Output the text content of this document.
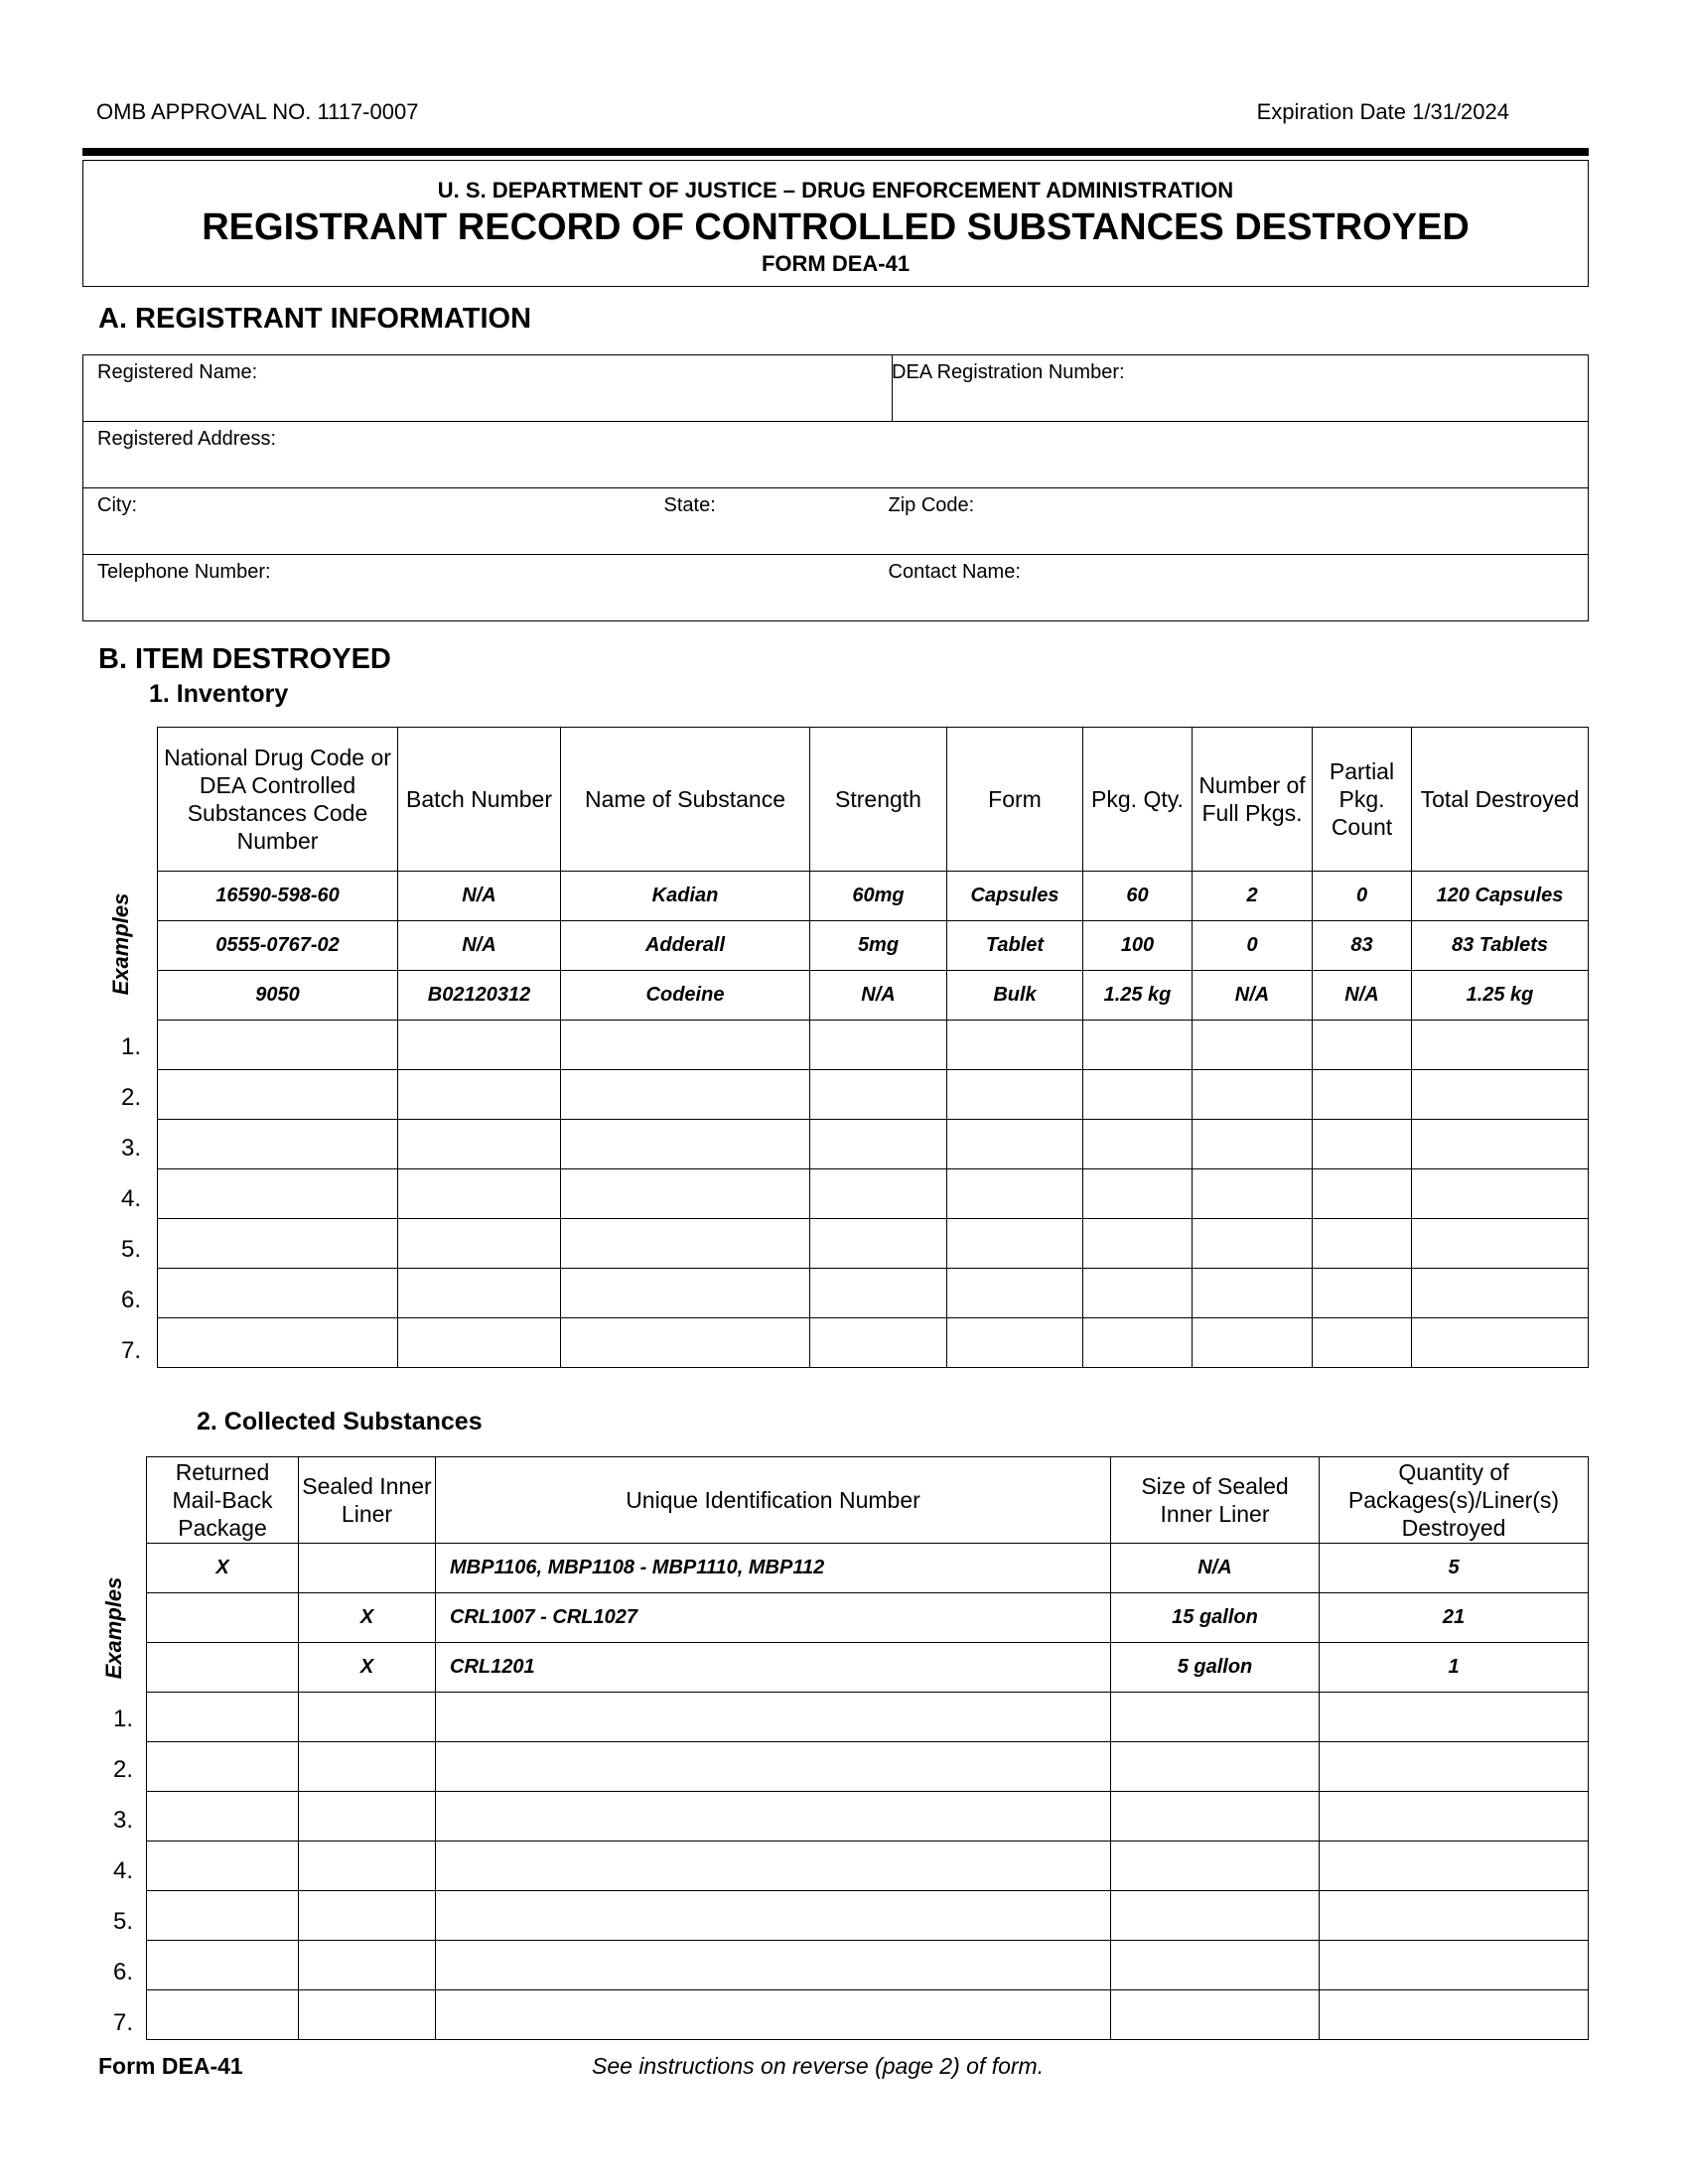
OMB APPROVAL NO. 1117-0007	Expiration Date 1/31/2024
U. S. DEPARTMENT OF JUSTICE – DRUG ENFORCEMENT ADMINISTRATION
REGISTRANT RECORD OF CONTROLLED SUBSTANCES DESTROYED
FORM DEA-41
A. REGISTRANT INFORMATION
Registered Name:		DEA Registration Number:

Registered Address:		

City:	State:	Zip Code:

Telephone Number:		Contact Name:
B. ITEM DESTROYED
1. Inventory
National Drug Code or DEA Controlled Substances Code Number	Batch Number	Name of Substance	Strength	Form	Pkg. Qty.	Number of Full Pkgs.	Partial Pkg. Count	Total Destroyed
16590-598-60	N/A	Kadian	60mg	Capsules	60	2	0	120 Capsules
0555-0767-02	N/A	Adderall	5mg	Tablet	100	0	83	83 Tablets
9050	B02120312	Codeine	N/A	Bulk	1.25 kg	N/A	N/A	1.25 kg

Examples
1.
2.
3.
4.
5.
6.
7.
2. Collected Substances
Returned Mail-Back Package	Sealed Inner Liner	Unique Identification Number	Size of Sealed Inner Liner	Quantity of Packages(s)/Liner(s) Destroyed
X		MBP1106, MBP1108 - MBP1110, MBP112	N/A	5
	X	CRL1007 - CRL1027	15 gallon	21
	X	CRL1201	5 gallon	1

Examples
1.
2.
3.
4.
5.
6.
7.
Form DEA-41	See instructions on reverse (page 2) of form.
